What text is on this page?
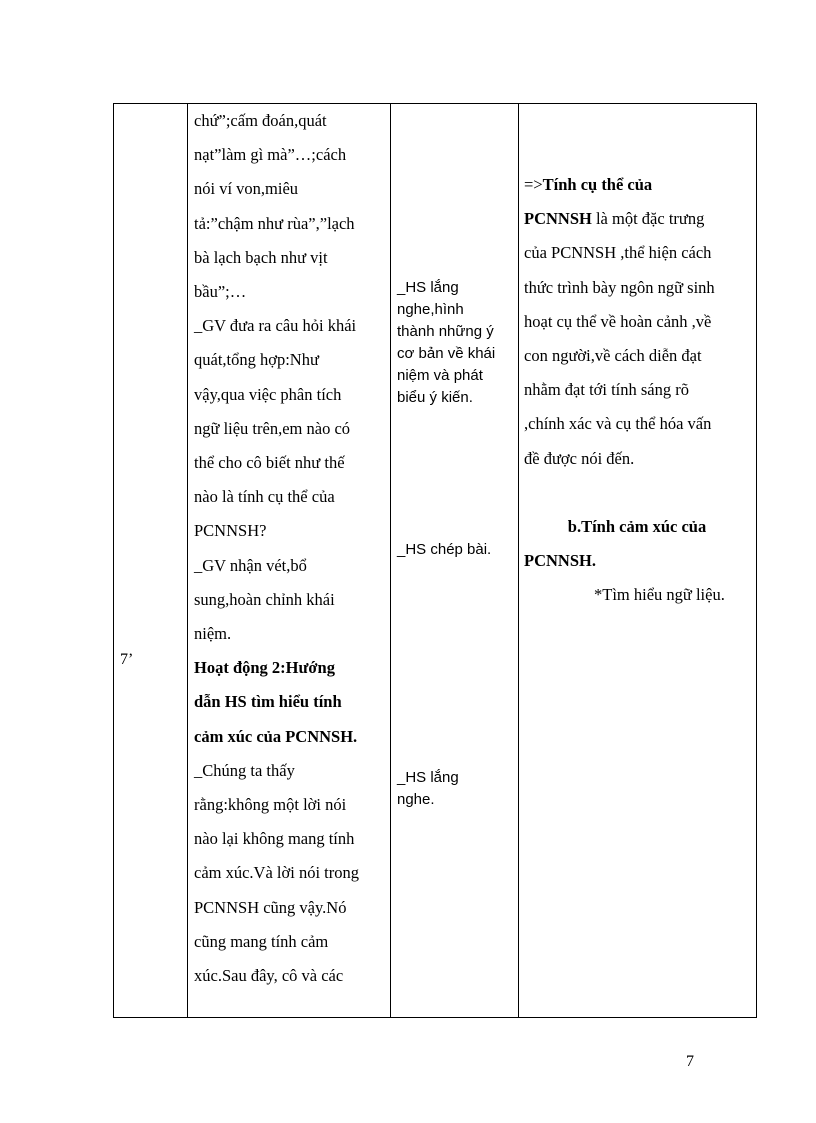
7’
chứ”;cấm đoán,quát
nạt”làm gì mà”…;cách
nói ví von,miêu
tả:”chậm như rùa”,”lạch
bà lạch bạch như vịt
bầu”;…
_GV đưa ra câu hỏi khái
quát,tổng hợp:Như
vậy,qua việc phân tích
ngữ liệu trên,em nào có
thể cho cô biết như thế
nào là tính cụ thể của
PCNNSH?
_GV nhận vét,bổ
sung,hoàn chỉnh khái
niệm.
Hoạt động 2:Hướng
dẫn HS tìm hiểu tính
cảm xúc của PCNNSH.
_Chúng ta thấy
rằng:không một lời nói
nào lại không mang tính
cảm xúc.Và lời nói trong
PCNNSH cũng vậy.Nó
cũng mang tính cảm
xúc.Sau đây, cô và các
_HS lắng
nghe,hình
thành những ý
cơ bản về khái
niệm và phát
biểu ý kiến.
_HS chép bài.
_HS lắng
nghe.
=>Tính cụ thể của
PCNNSH là một đặc trưng
của PCNNSH ,thể hiện cách
thức trình bày ngôn ngữ sinh
hoạt cụ thể về hoàn cảnh ,về
con người,về cách diễn đạt
nhằm đạt tới tính sáng rõ
,chính xác và cụ thể hóa vấn
đề được nói đến.
b.Tính cảm xúc của
PCNNSH.
*Tìm hiểu ngữ liệu.
7
